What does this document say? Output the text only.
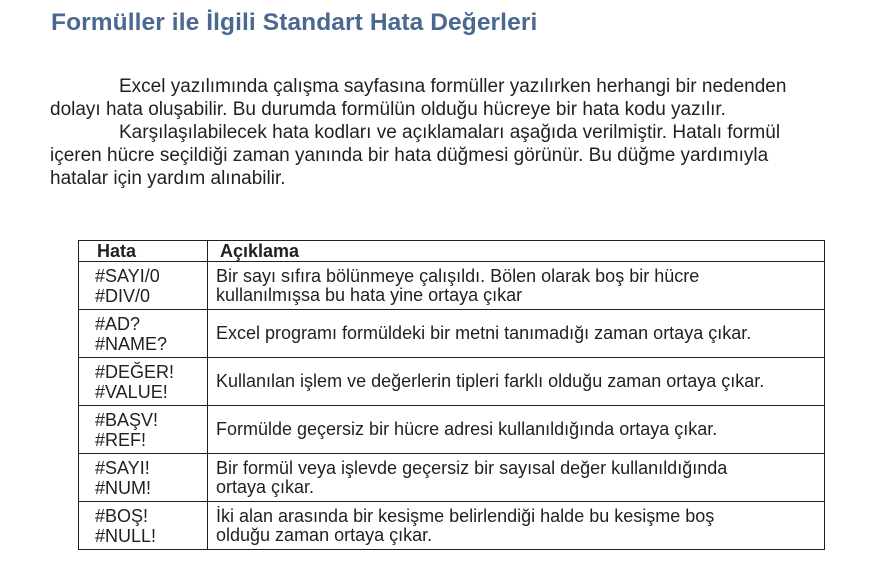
Formüller ile İlgili Standart Hata Değerleri

Excel yazılımında çalışma sayfasına formüller yazılırken herhangi bir nedenden
dolayı hata oluşabilir. Bu durumda formülün olduğu hücreye bir hata kodu yazılır.

Karşılaşılabilecek hata kodları ve açıklamaları aşağıda verilmiştir. Hatalı formül
içeren hücre seçildiği zaman yanında bir hata düğmesi görünür. Bu düğme yardımıyla
hatalar için yardım alınabilir.

Hata	Açıklama

#SAYI/0
#DIV/0	Bir sayı sıfıra bölünmeye çalışıldı. Bölen olarak boş bir hücre
kullanılmışsa bu hata yine ortaya çıkar

#AD?
#NAME?	Excel programı formüldeki bir metni tanımadığı zaman ortaya çıkar.

#DEĞER!
#VALUE!	Kullanılan işlem ve değerlerin tipleri farklı olduğu zaman ortaya çıkar.

#BAŞV!
#REF!	Formülde geçersiz bir hücre adresi kullanıldığında ortaya çıkar.

#SAYI!
#NUM!	Bir formül veya işlevde geçersiz bir sayısal değer kullanıldığında
ortaya çıkar.

#BOŞ!
#NULL!	İki alan arasında bir kesişme belirlendiği halde bu kesişme boş
olduğu zaman ortaya çıkar.
